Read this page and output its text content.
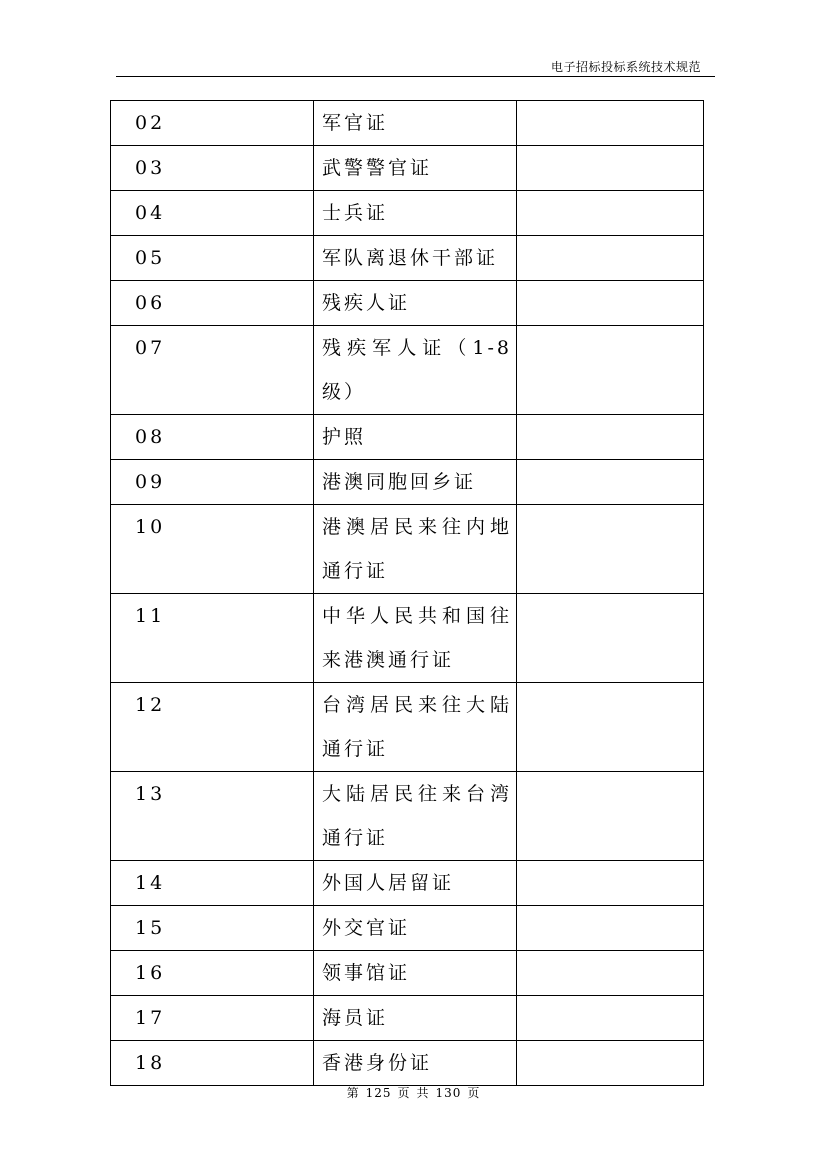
电子招标投标系统技术规范
02	军官证	
03	武警警官证	
04	士兵证	
05	军队离退休干部证	
06	残疾人证	
07	残疾军人证（1-8级）	
08	护照	
09	港澳同胞回乡证	
10	港澳居民来往内地通行证	
11	中华人民共和国往来港澳通行证	
12	台湾居民来往大陆通行证	
13	大陆居民往来台湾通行证	
14	外国人居留证	
15	外交官证	
16	领事馆证	
17	海员证	
18	香港身份证	
第 125 页 共 130 页
